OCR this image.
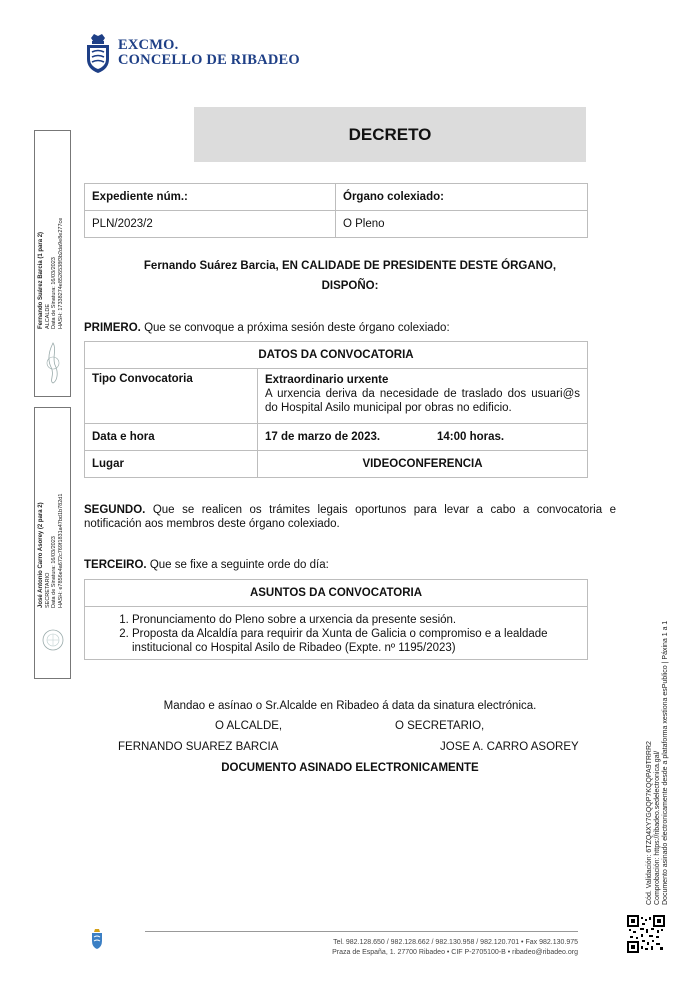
EXCMO.
CONCELLO DE RIBADEO
DECRETO
Expediente núm.:	Órgano colexiado:
PLN/2023/2	O Pleno
Fernando Suárez Barcia, EN CALIDADE DE PRESIDENTE DESTE ÓRGANO,
DISPOÑO:
PRIMERO. Que se convoque a próxima sesión deste órgano colexiado:
DATOS DA CONVOCATORIA	
Tipo Convocatoria	Extraordinario urxente
A urxencia deriva da necesidade de traslado dos usuari@s do Hospital Asilo municipal por obras no edificio.

Data e hora	17 de marzo de 2023. 14:00 horas.
Lugar	VIDEOCONFERENCIA
SEGUNDO. Que se realicen os trámites legais oportunos para levar a cabo a convocatoria e notificación aos membros deste órgano colexiado.
TERCEIRO. Que se fixe a seguinte orde do día:
ASUNTOS DA CONVOCATORIA

1. Pronunciamento do Pleno sobre a urxencia da presente sesión.
2. Proposta da Alcaldía para requirir da Xunta de Galicia o compromiso e a lealdade institucional co Hospital Asilo de Ribadeo (Expte. nº 1195/2023)
Mandao e asínao o Sr.Alcalde en Ribadeo á data da sinatura electrónica.
O ALCALDE,	O SECRETARIO,
FERNANDO SUAREZ BARCIA	JOSE A. CARRO ASOREY
DOCUMENTO ASINADO ELECTRONICAMENTE
Fernando Suárez Barcia (1 para 2) ALCALDE Data de Sinatura: 16/03/2023 HASH: 17338274e8526538f3b2da9e8e277ce
José Antonio Carro Asorey (2 para 2) SECRETARIO Data de Sinatura: 16/03/2023 HASH: e7856e4a672c769f1831a47bd1b782d1
Cód. Validación: 6TZQ4XY7GQQP7KQQPA9TRRR2 Comprobación: https://ribadeo.sedelectronica.gal/ Documento asinado electronicamente desde a plataforma xestiona esPublico | Páxina 1 a 1
Tel. 982.128.650 / 982.128.662 / 982.130.958 / 982.120.701 • Fax 982.130.975
Praza de España, 1. 27700 Ribadeo • CIF P-2705100-B • ribadeo@ribadeo.org
